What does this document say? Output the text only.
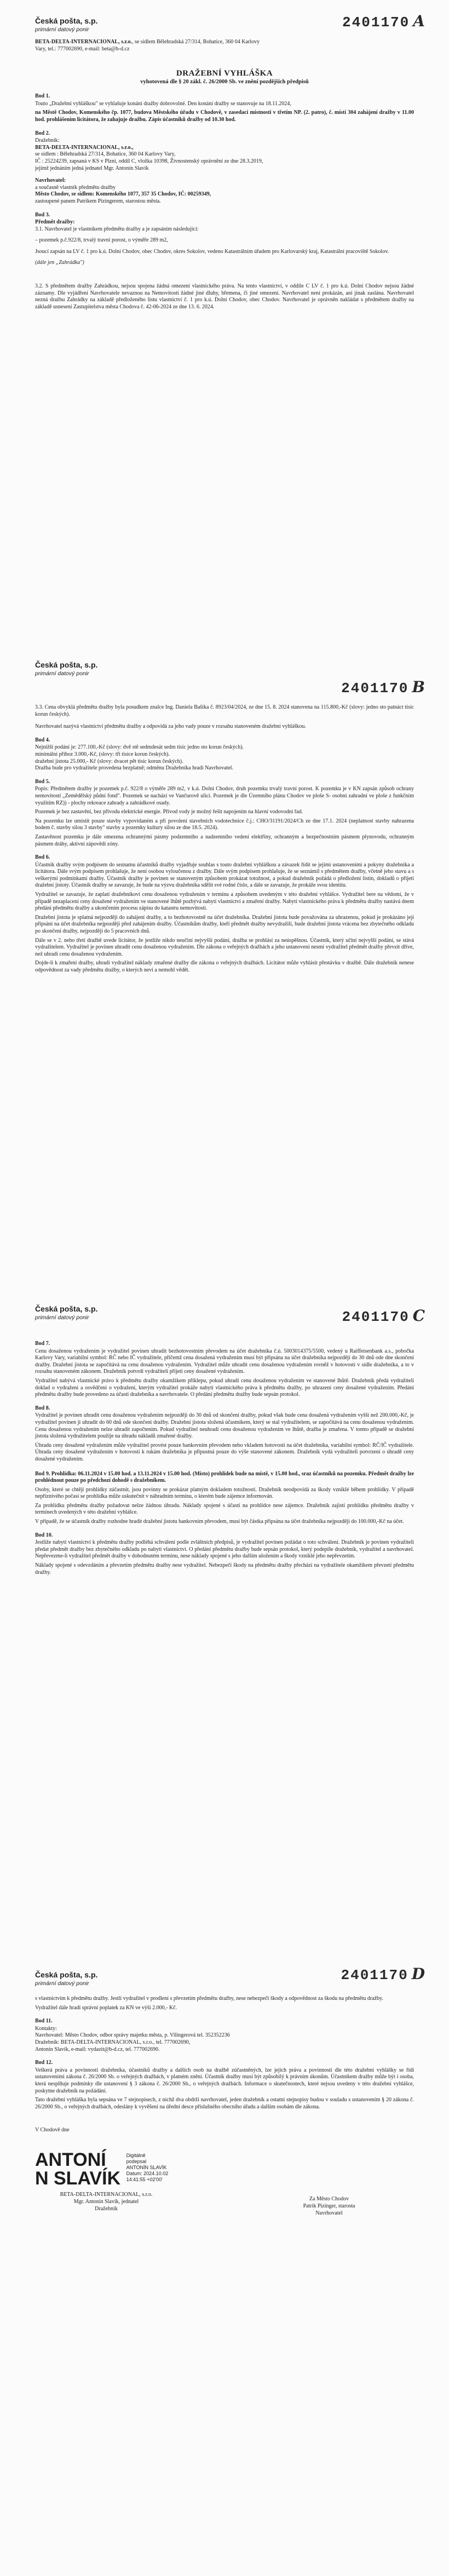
Česká pošta, s.p.
primární datový ponir	2401170 A
BETA-DELTA-INTERNACIONAL, s.r.o., se sídlem Bělehradská 27/314, Bohatice, 360 04 Karlovy
Vary, tel.: 777002690, e-mail: beta@b-d.cz
DRAŽEBNÍ VYHLÁŠKA
vyhotovená dle § 20 zákl. č. 26/2000 Sb. ve znění pozdějších předpisů
Bod 1.

Touto „Dražební vyhláškou" se vyhlašuje konání dražby dobrovolné. Den konání dražby se stanovuje na 18.11.2024,

na Městě Chodov, Komenského čp. 1077, budova Městského úřadu v Chodově, v zasedací místnosti v třetím NP. (2. patro), č. místí 304 zahájení dražby v 11.00 hod. prohlášením licitátora, že zahajuje dražbu. Zápis účastníků dražby od 10.30 hod.

Bod 2.
Dražebník:
BETA-DELTA-INTERNACIONAL, s.r.o.,
se sídlem : Bělehradská 27/314, Bohatice, 360 04 Karlovy Vary,
IČ : 25224239, zapsaná v KS v Plzni, oddíl C, vložka 10398, Živnostenský oprávnění ze dne 28.3.2019,
jejímž jednáním jedná jednatel Mgr. Antonín Slavík
Navrhovatel:
a současně vlastník předmětu dražby
Město Chodov, se sídlem: Komenského 1077, 357 35 Chodov, IČ: 00259349,
zastoupené panem Patrikem Pizingerem, starostou města.
Bod 3.
Předmět dražby:
3.1. Navrhovatel je vlastníkem předmětu dražby a je zapsáním následující:
– pozemek p.č.922/8, trvalý travní porost, o výměře 289 m2,
Jsoucí zapsán na LV č. 1 pro k.ú. Dolní Chodov, obec Chodov, okres Sokolov, vedeno Katastrálním úřadem pro Karlovarský kraj, Katastrální pracoviště Sokolov.
(dále jen „Zahrádka")

3.2. S předmětem dražby Zahrádkou, nejsou spojena žádná omezení vlastnického práva. Na tento vlastnictví, v oddíle C LV č. 1 pro k.ú. Dolní Chodov nejsou žádné záznamy. Dle vyjádření Navrhovatele nevaznou na Nemovitosti žádné jiné dluhy, břemena, či jiné omezení. Navrhovatel není prokázán, ani jinak zaslána. Navrhovatel nezná dražbu Zahrádky na základě předloženého listu vlastnictví č. 1 pro k.ú. Dolní Chodov, obec Chodov. Navrhovatel je oprávněn nakládat s předmětem dražby na základě usnesení Zastupitelstva města Chodova č. 42-06-2024 ze dne 13. 6. 2024.

Česká pošta, s.p.
primární datový ponir
2401170 B

3.3. Cena obvyklá předmětu dražby byla posudkem znalce Ing. Daniela Bašíka č. 8923/04/2024, ze dne 15. 8. 2024 stanovena na 115.800,-Kč (slovy: jedno sto patnáct tisíc korun českých).

Navrhovatel nazývá vlastnictví předmětu dražby a odpovídá za jeho vady pouze v rozsahu stanoveném dražební vyhláškou.

Bod 4.
Nejnižší podání je: 277.100,-Kč (slovy: dvě stě sedmdesát sedm tisíc jedno sto korun českých).
minimální příhoz 3.000,-Kč, (slovy: tři tisíce korun českých).
dražební jistota 25.000,- Kč (slovy: dvacet pět tisíc korun českých).
Dražba bude pro vydražitele provedena bezplatně; odměnu Dražebníka hradí Navrhovatel.
Bod 5.

Popis: Předmětem dražby je pozemek p.č. 922/8 o výměře 289 m2, v k.ú. Dolní Chodov, druh pozemku trvalý travní porost. K pozemku je v KN zapsán způsob ochrany nemovitostí „Zemědělský půdní fond". Pozemek se nachází ve Vančurově ulici. Pozemek je dle Územního plánu Chodov ve ploše S- osobní zahradní ve ploše z funkčním využitím RZ)) - plochy rekreace zahrady a zahrádkové osady.

Pozemek je bez zastavění, bez přívodu elektrické energie. Přívod vody je možný řešit napojením na hlavní vodovodní řad.

Na pozemku lze umístit pouze stavby vypovídaném a při povolení stavebních vodotechnice č.j.: CHO/31191/2024/Ch ze dne 17.1. 2024 (neplatnost stavby nahrazena bodem č. stavby silou 3 stavby" stavby a pozemky kultury silou ze dne 18.5. 2024).

Zastavěnost pozemku je dále omezena ochrannými pásmy podzemního a nadzemního vedení elektřiny, ochranným a bezpečnostním pásmem plynovodu, ochranným pásmem dráhy, aktivní zápovědí zóny.

Bod 6.

Účastník dražby svým podpisem do seznamu účastníků dražby vyjadřuje souhlas s touto dražební vyhláškou a závazek řídit se jejími ustanoveními a pokyny dražebníka a licitátora. Dále svým podpisem prohlašuje, že není osobou vyloučenou z dražby. Dále svým podpisem prohlašuje, že se seznámil s předmětem dražby, včetně jeho stavu a s veškerými podmínkami dražby. Účastník dražby je povinen se stanoveným způsobem prokázat totožnost, a pokud dražebník požádá o předložení listin, dokladů o přijetí dražební jistoty. Účastník dražby se zavazuje, že bude na výzvu dražebníka sdělit své rodné číslo, a dále se zavazuje, že prokáže svou identitu.

Vydražitel se zavazuje, že zaplatí dražebníkovi cenu dosaženou vydražením v termínu a způsobem uvedeným v této dražební vyhlášce. Vydražitel bere na vědomí, že v případě nezaplacení ceny dosažené vydražením ve stanovené lhůtě pozbývá nabytí vlastnictví a zmaření dražby. Nabytí vlastnického práva k předmětu dražby nastává dnem předání předmětu dražby a ukončením procesu zápisu do katastru nemovitostí.

Dražební jistota je splatná nejpozději do zahájení dražby, a to bezhotovostně na účet dražebníka. Dražební jistota bude považována za uhrazenou, pokud je prokázáno její připsání na účet dražebníka nejpozději před zahájením dražby. Účastníkům dražby, kteří předmět dražby nevydražili, bude dražební jistota vrácena bez zbytečného odkladu po skončení dražby, nejpozději do 5 pracovních dnů.

Dále se v 2. nebo třetí dražbě uvede licitátor, že jestliže nikdo neučiní nejvyšší podání, dražba se prohlásí za neúspěšnou. Účastník, který učiní nejvyšší podání, se stává vydražitelem. Vydražitel je povinen uhradit cenu dosaženou vydražením. Dle zákona o veřejných dražbách a jeho ustanovení nesmí vydražitel předmět dražby převzít dříve, než uhradí cenu dosaženou vydražením.

Dojde-li k zmaření dražby, uhradí vydražitel náklady zmařené dražby dle zákona o veřejných dražbách. Licitátor může vyhlásit přestávku v dražbě. Dále dražebník nenese odpovědnost za vady předmětu dražby, o kterých neví a nemohl vědět.

Česká pošta, s.p.
primární datový ponir	2401170 C
Bod 7.

Cenu dosaženou vydražením je vydražitel povinen uhradit bezhotovostním převodem na účet dražebníka č.ú. 5003014375/5500, vedený u Raiffeisenbank a.s., pobočka Karlovy Vary, variabilní symbol: RČ nebo IČ vydražitele, přičemž cena dosažená vydražením musí být připsána na účet dražebníka nejpozději do 30 dnů ode dne skončení dražby. Dražební jistota se započítává na cenu dosaženou vydražením. Vydražitel může uhradit cenu dosaženou vydražením rovněž v hotovosti v sídle dražebníka, a to v rozsahu stanoveném zákonem. Dražebník potvrdí vydražiteli přijetí ceny dosažené vydražením.

Vydražitel nabývá vlastnické právo k předmětu dražby okamžikem příklepu, pokud uhradí cenu dosaženou vydražením ve stanovené lhůtě. Dražebník předá vydražiteli doklad o vydražení a osvědčení o vydražení, kterým vydražitel prokáže nabytí vlastnického práva k předmětu dražby, po uhrazení ceny dosažené vydražením. Předání předmětu dražby bude provedeno za účasti dražebníka a navrhovatele. O předání předmětu dražby bude sepsán protokol.

Bod 8.

Vydražitel je povinen uhradit cenu dosaženou vydražením nejpozději do 30 dnů od skončení dražby, pokud však bude cena dosažená vydražením vyšší než 200.000,-Kč, je vydražitel povinen ji uhradit do 60 dnů ode skončení dražby. Dražební jistota složená účastníkem, který se stal vydražitelem, se započítává na cenu dosaženou vydražením. Cenu dosaženou vydražením nelze uhradit započtením. Pokud vydražitel neuhradí cenu dosaženou vydražením ve lhůtě, dražba je zmařena. V tomto případě se dražební jistota složená vydražitelem použije na úhradu nákladů zmařené dražby.

Úhradu ceny dosažené vydražením může vydražitel provést pouze bankovním převodem nebo vkladem hotovosti na účet dražebníka, variabilní symbol: RČ/IČ vydražitele. Úhrada ceny dosažené vydražením v hotovosti k rukám dražebníka je přípustná pouze do výše stanovené zákonem. Dražebník vydá vydražiteli potvrzení o úhradě ceny dosažené vydražením.

Bod 9. Prohlídka: 06.11.2024 v 15.00 hod. a 13.11.2024 v 15.00 hod. (Místo) prohlídek bude na místě, v 15.00 hod., sraz účastníků na pozemku. Předmět dražby lze prohlédnout pouze po předchozí dohodě s dražebníkem.

Osoby, které se chtějí prohlídky zúčastnit, jsou povinny se prokázat platným dokladem totožnosti. Dražebník neodpovídá za škody vzniklé během prohlídky. V případě nepříznivého počasí se prohlídka může uskutečnit v náhradním termínu, o kterém bude zájemce informován.

Za prohlídku předmětu dražby požadovat nelze žádnou úhradu. Náklady spojené s účastí na prohlídce nese zájemce. Dražebník zajistí prohlídku předmětu dražby v termínech uvedených v této dražební vyhlášce.

V případě, že se účastník dražby rozhodne hradit dražební jistotu bankovním převodem, musí být částka připsána na účet dražebníka nejpozději do 100.000,-Kč na účet.

Bod 10.

Jestliže nabytí vlastnictví k předmětu dražby podléhá schválení podle zvláštních předpisů, je vydražitel povinen požádat o toto schválení. Dražebník je povinen vydražiteli předat předmět dražby bez zbytečného odkladu po nabytí vlastnictví. O předání předmětu dražby bude sepsán protokol, který podepíše dražebník, vydražitel a navrhovatel. Nepřevezme-li vydražitel předmět dražby v dohodnutém termínu, nese náklady spojené s jeho dalším uložením a škody vzniklé jeho nepřevzetím.

Náklady spojené s odevzdáním a převzetím předmětu dražby nese vydražitel. Nebezpečí škody na předmětu dražby přechází na vydražitele okamžikem převzetí předmětu dražby.

Česká pošta, s.p.
primární datový ponir	2401170 D

s vlastnictvím k předmětu dražby. Jestli vydražitel v prodlení s převzetím předmětu dražby, nese nebezpečí škody a odpovědnost za škodu na předmětu dražby.

Vydražitel dále hradí správní poplatek za KN ve výši 2.000,- Kč.

Bod 11.
Kontakty:
Navrhovatel: Město Chodov, odbor správy majetku města, p. Vilingerová tel. 352352236
Dražebník: BETA-DELTA-INTERNACIONAL, s.r.o., tel. 777002690,
Antonín Slavík, e-mail: vydazit@b-d.cz, tel. 777002690.
Bod 12.

Veškerá práva a povinnosti dražebníka, účastníků dražby a dalších osob na dražbě zúčastněných, lze jejich práva a povinnosti dle této dražební vyhlášky se řídí ustanoveními zákona č. 26/2000 Sb. o veřejných dražbách, v platném znění. Účastník dražby musí být způsobilý k právním úkonům. Účastníkem dražby může být i osoba, která nesplňuje podmínky dle ustanovení § 3 zákona č. 26/2000 Sb., o veřejných dražbách. Informace o skutečnostech, které nejsou uvedeny v této dražební vyhlášce, poskytne dražebník na požádání.

Tato dražební vyhláška byla sepsána ve 7 stejnopisech, z nichž dva obdrží navrhovatel, jeden dražebník a ostatní stejnopisy budou v souladu s ustanovením § 20 zákona č. 26/2000 Sb., o veřejných dražbách, odeslány k vyvěšení na úřední desce příslušného obecního úřadu a dalším osobám dle zákona.

V Chodově dne
ANTONÍ
N SLAVÍK Digitálně
podepsal
ANTONÍN SLAVÍK
Datum: 2024.10.02
14:41:55 +02'00'
BETA-DELTA-INTERNACIONAL, s.r.o.
Mgr. Antonín Slavík, jednatel
Dražebník
Za Město Chodov
Patrik Pizinger, starosta
Navrhovatel
